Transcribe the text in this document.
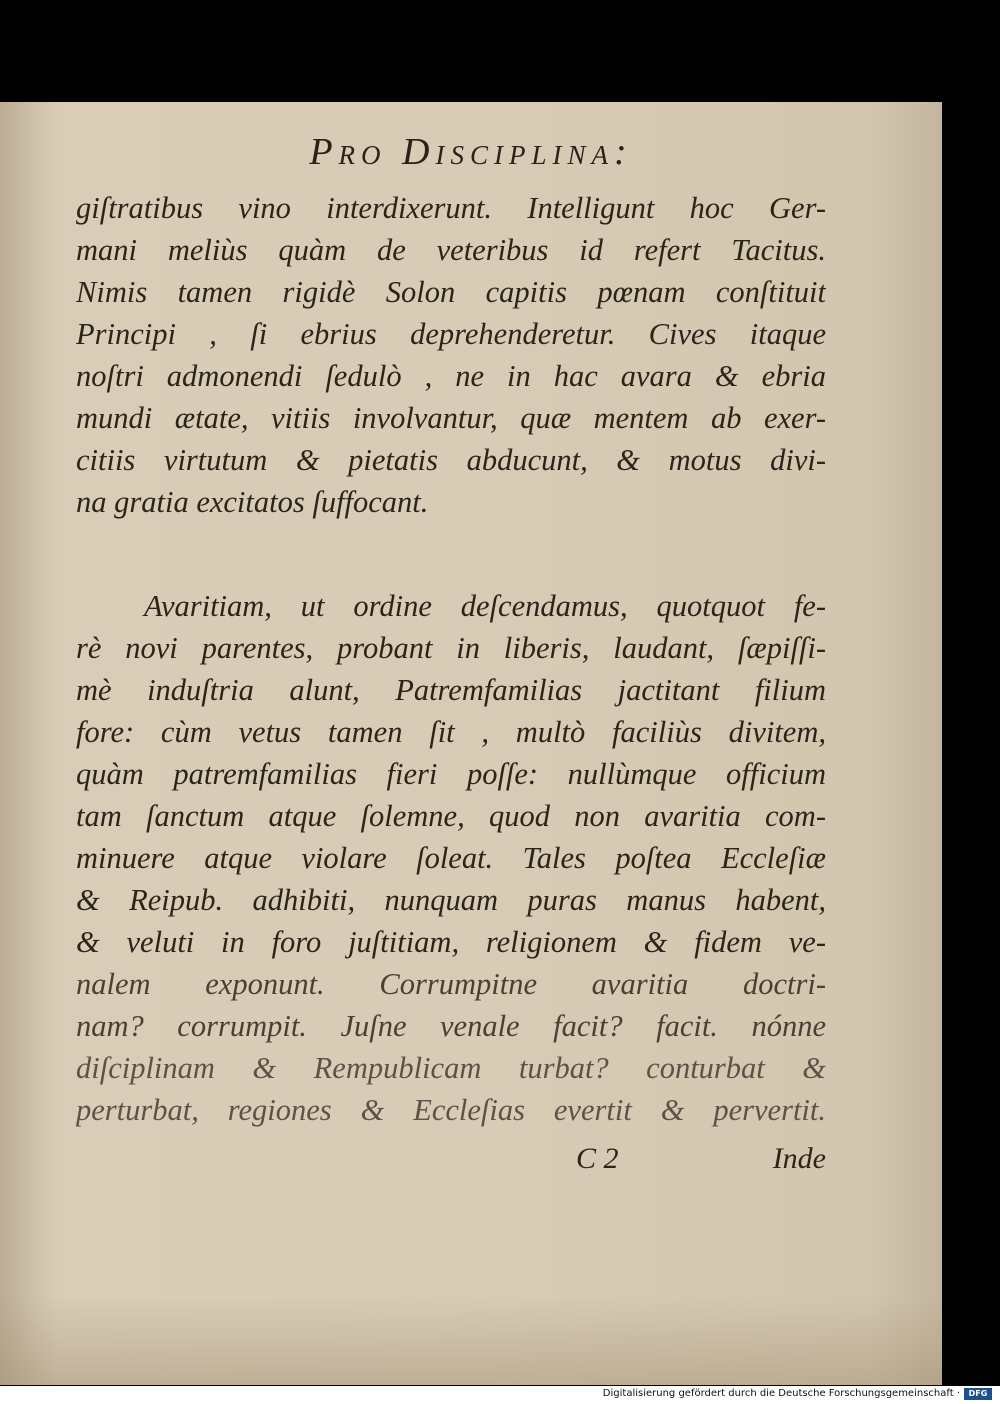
Pro Disciplina:
giſtratibus vino interdixerunt. Intelligunt hoc Ger-
mani meliùs quàm de veteribus id refert Tacitus.
Nimis tamen rigidè Solon capitis pœnam conſtituit
Principi , ſi ebrius deprehenderetur. Cives itaque
noſtri admonendi ſedulò , ne in hac avara & ebria
mundi ætate, vitiis involvantur, quæ mentem ab exer-
citiis virtutum & pietatis abducunt, & motus divi-
na gratia excitatos ſuffocant.
Avaritiam, ut ordine deſcendamus, quotquot fe-
rè novi parentes, probant in liberis, laudant, ſæpiſſi-
mè induſtria alunt, Patremfamilias jactitant filium
fore: cùm vetus tamen ſit , multò faciliùs divitem,
quàm patremfamilias fieri poſſe: nullùmque officium
tam ſanctum atque ſolemne, quod non avaritia com-
minuere atque violare ſoleat. Tales poſtea Eccleſiæ
& Reipub. adhibiti, nunquam puras manus habent,
& veluti in foro juſtitiam, religionem & fidem ve-
nalem exponunt. Corrumpitne avaritia doctri-
nam? corrumpit. Juſne venale facit? facit. nónne
diſciplinam & Rempublicam turbat? conturbat &
perturbat, regiones & Eccleſias evertit & pervertit.
C 2	Inde
Digitalisierung gefördert durch die Deutsche Forschungsgemeinschaft ·	DFG
